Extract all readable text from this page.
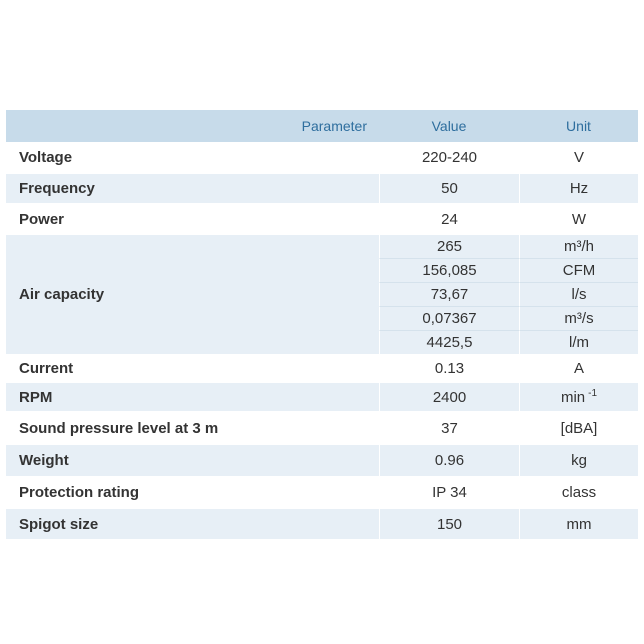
Parameter	Value	Unit
Voltage	220-240	V
Frequency	50	Hz
Power	24	W
Air capacity	265	m³/h
	156,085	CFM
	73,67	l/s
	0,07367	m³/s
	4425,5	l/m
Current	0.13	A
RPM	2400	min $^{-1}$
Sound pressure level at 3 m	37	[dBA]
Weight	0.96	kg
Protection rating	IP 34	class
Spigot size	150	mm
